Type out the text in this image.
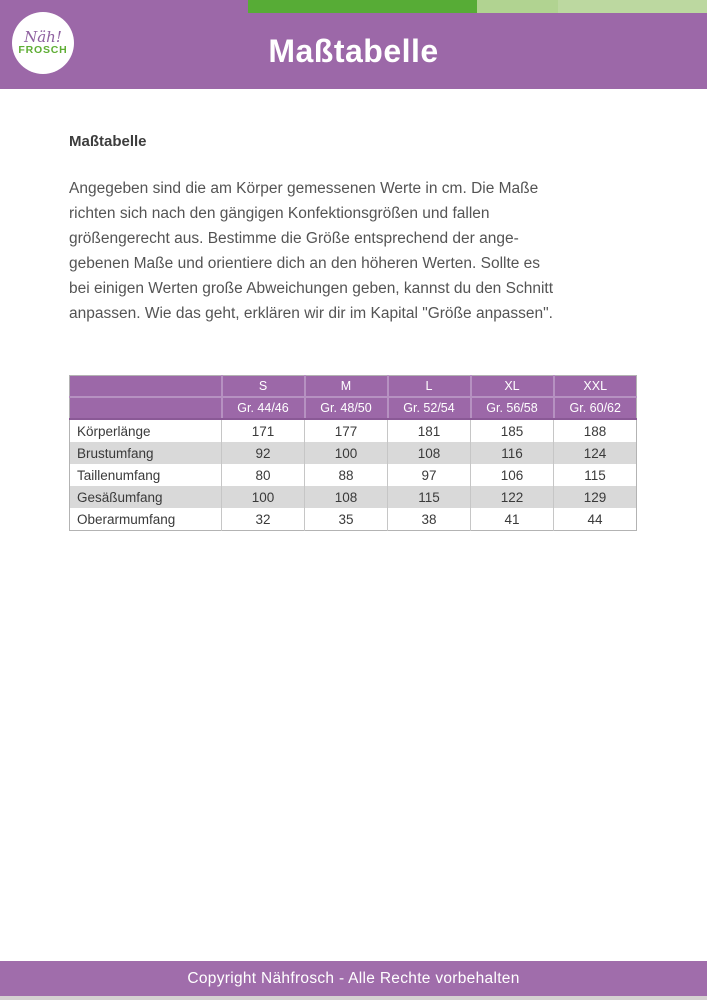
Maßtabelle
Näh!
FROSCH
Maßtabelle
Angegeben sind die am Körper gemessenen Werte in cm. Die Maße
richten sich nach den gängigen Konfektionsgrößen und fallen
größengerecht aus. Bestimme die Größe entsprechend der ange-
gebenen Maße und orientiere dich an den höheren Werten. Sollte es
bei einigen Werten große Abweichungen geben, kannst du den Schnitt
anpassen. Wie das geht, erklären wir dir im Kapital "Größe anpassen".
	S	M	L	XL	XXL
	Gr. 44/46	Gr. 48/50	Gr. 52/54	Gr. 56/58	Gr. 60/62
Körperlänge	171	177	181	185	188
Brustumfang	92	100	108	116	124
Taillenumfang	80	88	97	106	115
Gesäßumfang	100	108	115	122	129
Oberarmumfang	32	35	38	41	44
Copyright Nähfrosch - Alle Rechte vorbehalten
